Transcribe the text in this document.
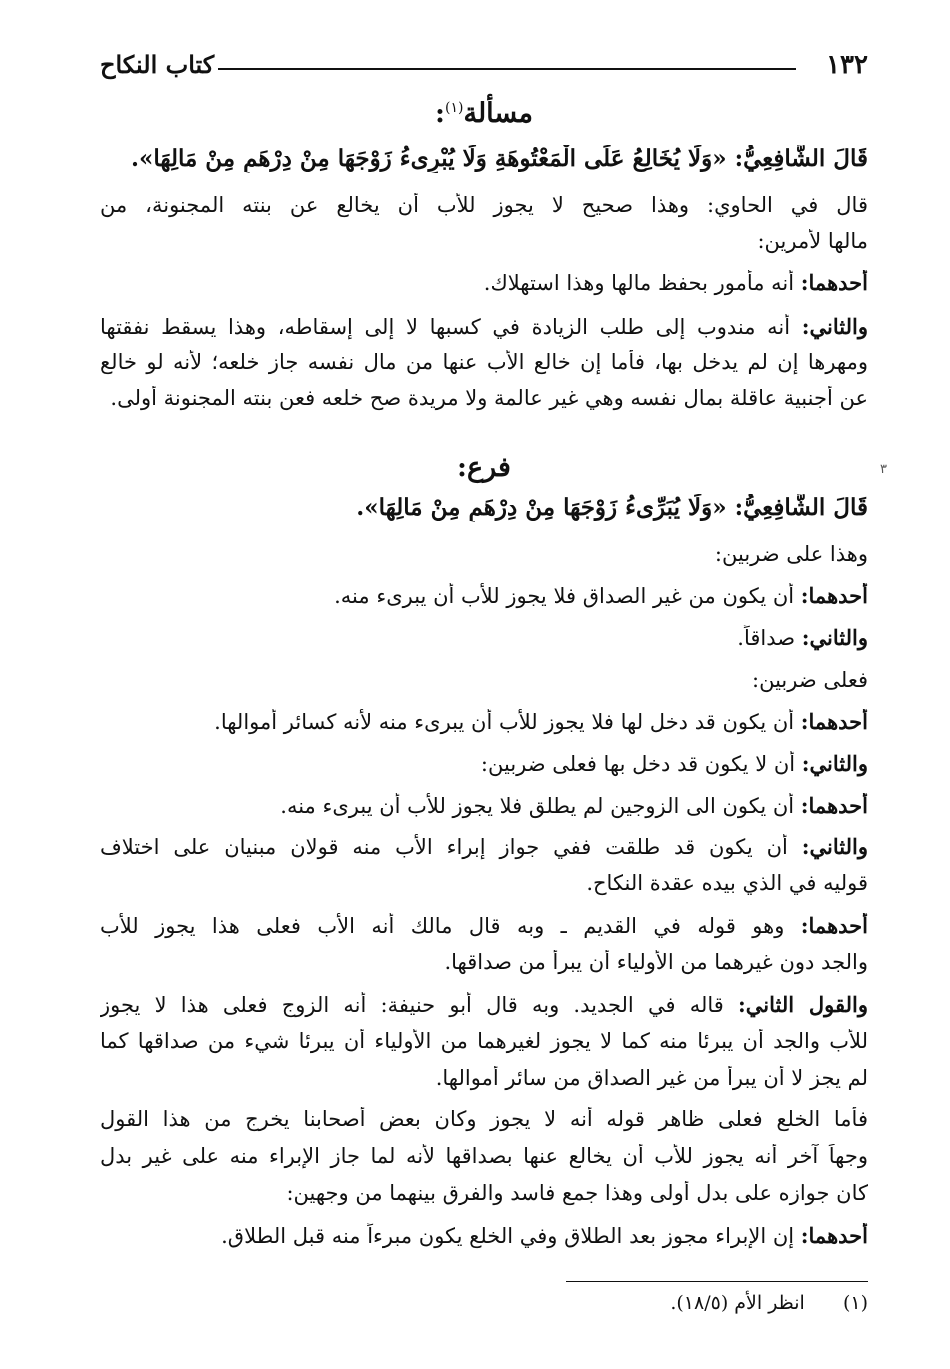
١٣٢
كتاب النكاح
مسألة$^{(١)}$:
قَالَ الشَّافِعِيُّ: «وَلَا يُخَالِعُ عَلَى الْمَعْتُوهَةِ وَلَا يُبْرِىءُ زَوْجَهَا مِنْ دِرْهَمٍ مِنْ مَالِهَا».
قال في الحاوي: وهذا صحيح لا يجوز للأب أن يخالع عن بنته المجنونة، من
مالها لأمرين:
أحدهما: أنه مأمور بحفظ مالها وهذا استهلاك.
والثاني: أنه مندوب إلى طلب الزيادة في كسبها لا إلى إسقاطه، وهذا يسقط نفقتها
ومهرها إن لم يدخل بها، فأما إن خالع الأب عنها من مال نفسه جاز خلعه؛ لأنه لو خالع
عن أجنبية عاقلة بمال نفسه وهي غير عالمة ولا مريدة صح خلعه فعن بنته المجنونة أولى.
٣
فرع:
قَالَ الشَّافِعِيُّ: «وَلَا يُبَرِّىءُ زَوْجَهَا مِنْ دِرْهَمٍ مِنْ مَالِهَا».
وهذا على ضربين:
أحدهما: أن يكون من غير الصداق فلا يجوز للأب أن يبرىء منه.
والثاني: صداقاً.
فعلى ضربين:
أحدهما: أن يكون قد دخل لها فلا يجوز للأب أن يبرىء منه لأنه كسائر أموالها.
والثاني: أن لا يكون قد دخل بها فعلى ضربين:
أحدهما: أن يكون الى الزوجين لم يطلق فلا يجوز للأب أن يبرىء منه.
والثاني: أن يكون قد طلقت ففي جواز إبراء الأب منه قولان مبنيان على اختلاف
قوليه في الذي بيده عقدة النكاح.
أحدهما: وهو قوله في القديم ـ وبه قال مالك أنه الأب فعلى هذا يجوز للأب
والجد دون غيرهما من الأولياء أن يبرأ من صداقها.
والقول الثاني: قاله في الجديد. وبه قال أبو حنيفة: أنه الزوج فعلى هذا لا يجوز
للأب والجد أن يبرئا منه كما لا يجوز لغيرهما من الأولياء أن يبرئا شيء من صداقها كما
لم يجز لا أن يبرأ من غير الصداق من سائر أموالها.
فأما الخلع فعلى ظاهر قوله أنه لا يجوز وكان بعض أصحابنا يخرج من هذا القول
وجهاً آخر أنه يجوز للأب أن يخالع عنها بصداقها لأنه لما جاز الإبراء منه على غير بدل
كان جوازه على بدل أولى وهذا جمع فاسد والفرق بينهما من وجهين:
أحدهما: إن الإبراء مجوز بعد الطلاق وفي الخلع يكون مبرءاً منه قبل الطلاق.
(١)  انظر الأم (١٨/٥).
